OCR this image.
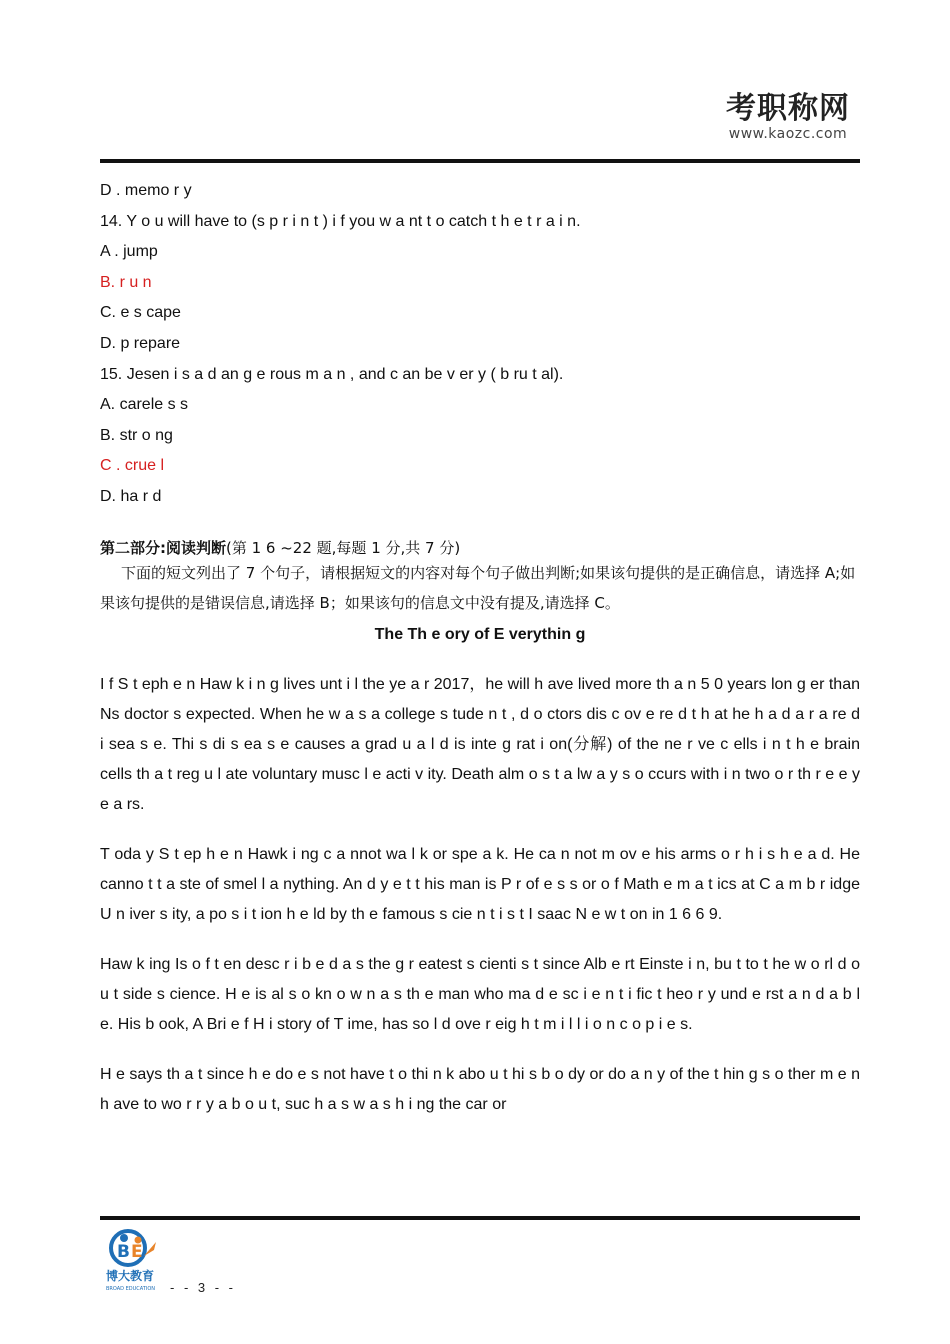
考职称网
www.kaozc.com
D . memo r y
14. Y o u will have to (s p r i n t ) i f you w a nt t o catch t h e t r a i n.
A . jump
B. r u n
C. e s cape
D. p repare
15. Jesen i s a d an g e rous m a n , and c an be v er y ( b ru t al).
A. carele s s
B. str o ng
C . crue l
D. ha r d
第二部分:阅读判断(第 1 6 ~22 题,每题 1 分,共 7 分)

下面的短文列出了 7 个句子，请根据短文的内容对每个句子做出判断;如果该句提供的是正确信息，请选择 A;如果该句提供的是错误信息,请选择 B；如果该句的信息文中没有提及,请选择 C。

The Th e ory of E verythin g

I f S t eph e n Haw k i n g lives unt i l the ye a r 2017，he will h ave lived more th a n 5 0 years lon g er than Ns doctor s expected. When he w a s a college s tude n t , d o ctors dis c ov e re d t h at he h a d a r a re d i sea s e. Thi s di s ea s e causes a grad u a l d is inte g rat i on(分解) of the ne r ve c ells i n t h e brain cells th a t reg u l ate voluntary musc l e acti v ity. Death alm o s t a lw a y s o ccurs with i n two o r th r e e y e a rs.

T oda y S t ep h e n Hawk i ng c a nnot wa l k or spe a k. He ca n not m ov e his arms o r h i s h e a d. He canno t t a ste of smel l a nything. An d y e t t his man is P r of e s s or o f Math e m a t ics at C a m b r idge U n iver s ity, a po s i t ion h e ld by th e famous s cie n t i s t I saac N e w t on in 1 6 6 9.

Haw k ing Is o f t en desc r i b e d a s the g r eatest s cienti s t since Alb e rt Einste i n, bu t to t he w o rl d o u t side s cience. H e is al s o kn o w n a s th e man who ma d e sc i e n t i fic t heo r y und e rst a n d a b l e. His b ook, A Bri e f H i story of T ime, has so l d ove r eig h t m i l l i o n c o p i e s.

H e says th a t since h e do e s not have t o thi n k abo u t hi s b o dy or do a n y of the t hin g s o ther m e n h ave to wo r r y a b o u t, suc h a s w a s h i ng the car or

B E
博大教育
BROAD EDUCATION - - 3 - -
